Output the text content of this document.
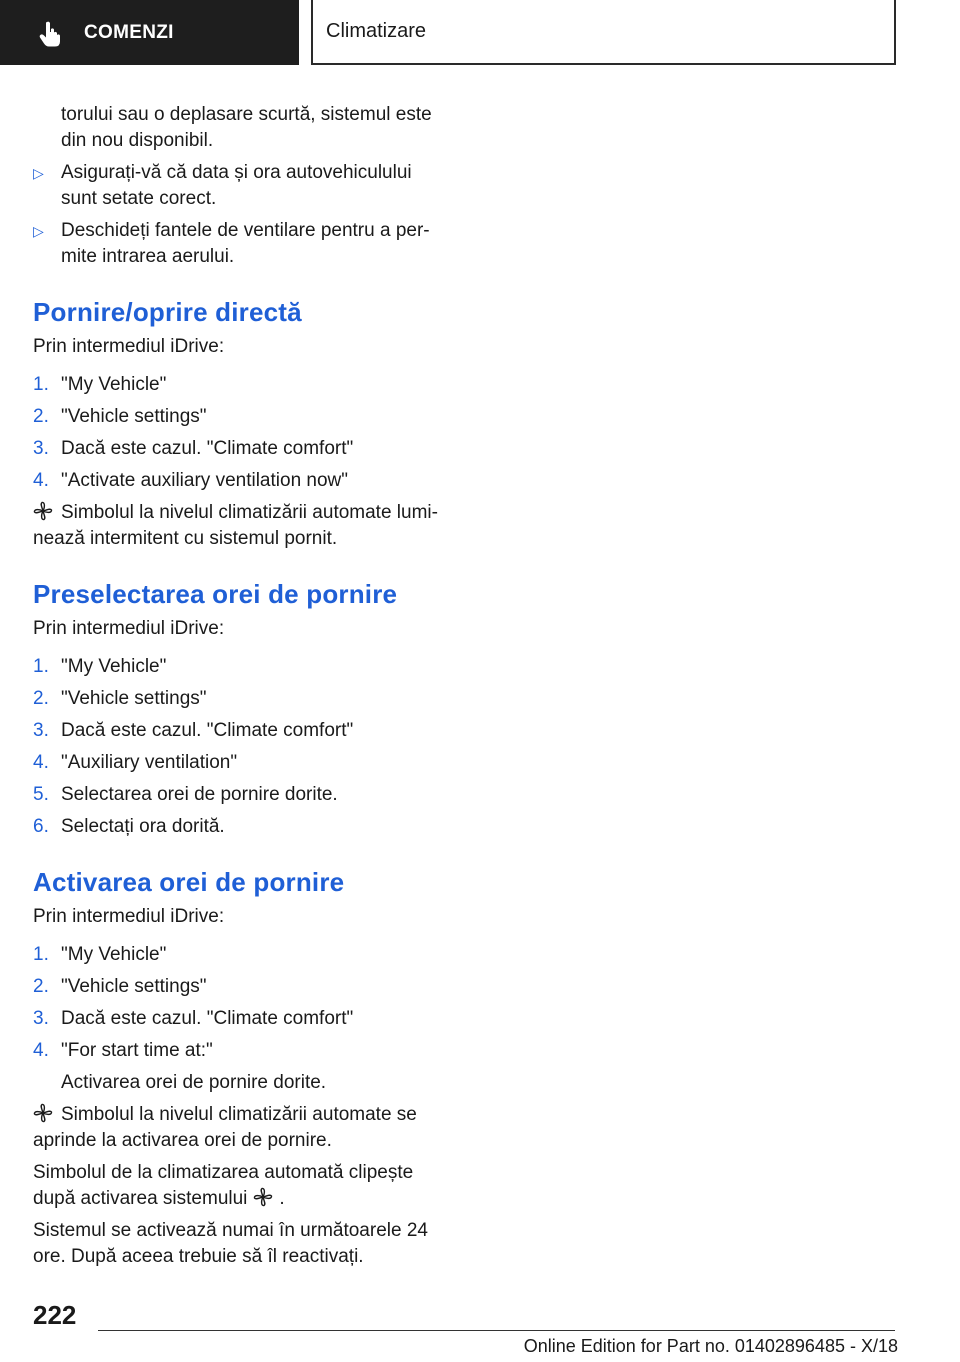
COMENZI	Climatizare

torului sau o deplasare scurtă, sistemul este din nou disponibil.

▷ Asigurați-vă că data și ora autovehiculului sunt setate corect.
▷ Deschideți fantele de ventilare pentru a per- mite intrarea aerului.
Pornire/oprire directă

Prin intermediul iDrive:

1. "My Vehicle"
2. "Vehicle settings"
3. Dacă este cazul. "Climate comfort"
4. "Activate auxiliary ventilation now"

Simbolul la nivelul climatizării automate lumi- nează intermitent cu sistemul pornit.

Preselectarea orei de pornire

Prin intermediul iDrive:

1. "My Vehicle"
2. "Vehicle settings"
3. Dacă este cazul. "Climate comfort"
4. "Auxiliary ventilation"
5. Selectarea orei de pornire dorite.
6. Selectați ora dorită.
Activarea orei de pornire

Prin intermediul iDrive:

1. "My Vehicle"
2. "Vehicle settings"
3. Dacă este cazul. "Climate comfort"
4. "For start time at:"
Activarea orei de pornire dorite.

Simbolul la nivelul climatizării automate se aprinde la activarea orei de pornire.

Simbolul de la climatizarea automată clipește după activarea sistemului .

Sistemul se activează numai în următoarele 24 ore. După aceea trebuie să îl reactivați.

222
Online Edition for Part no. 01402896485 - X/18
